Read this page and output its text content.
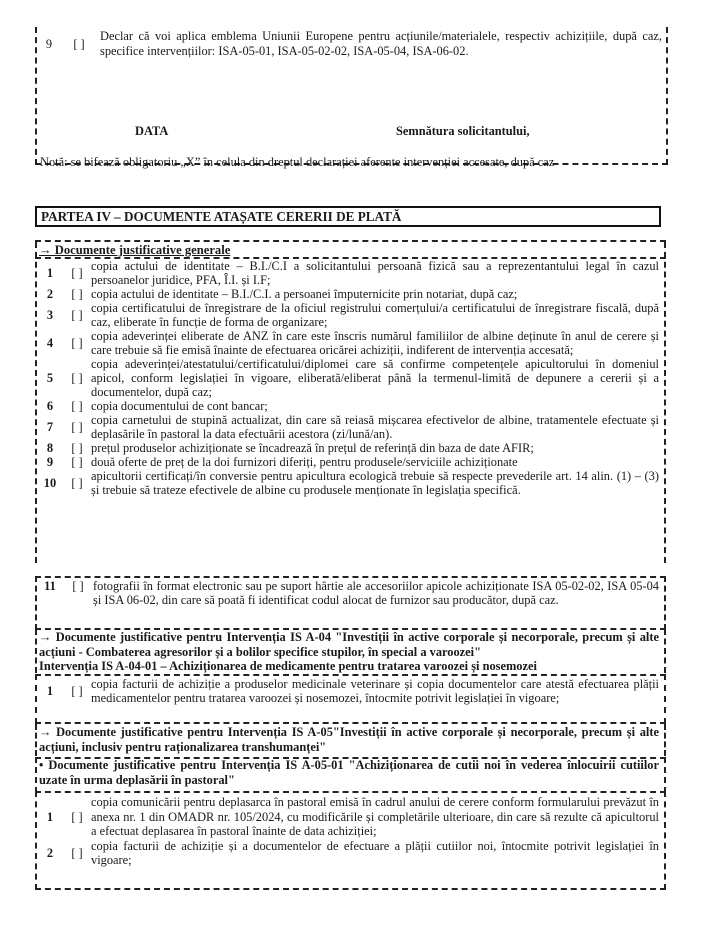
9	[ ]
Declar că voi aplica emblema Uniunii Europene pentru acțiunile/materialele, respectiv achizițiile, după caz, specifice intervențiilor: ISA-05-01, ISA-05-02-02, ISA-05-04, ISA-06-02.
DATA	Semnătura solicitantului,
Notă: se bifează obligatoriu „X” în celula din dreptul declarației aferente intervenției accesate, după caz
PARTEA IV – DOCUMENTE ATAȘATE CERERII DE PLATĂ
→ Documente justificative generale
1	[ ] copia actului de identitate – B.I./C.I a solicitantului persoană fizică sau a reprezentantului legal în cazul persoanelor juridice, PFA, Î.I. și I.F;
2	[ ] copia actului de identitate – B.I./C.I. a persoanei împuternicite prin notariat, după caz;
3	[ ] copia certificatului de înregistrare de la oficiul registrului comerțului/a certificatului de înregistrare fiscală, după caz, eliberate în funcție de forma de organizare;
4	[ ] copia adeverinței eliberate de ANZ în care este înscris numărul familiilor de albine deținute în anul de cerere și care trebuie să fie emisă înainte de efectuarea oricărei achiziții, indiferent de intervenția accesată;
5	[ ]
copia adeverinței/atestatului/certificatului/diplomei care să confirme competențele apicultorului în domeniul apicol, conform legislației în vigoare, eliberată/eliberat până la termenul-limită de depunere a cererii și a documentelor, după caz;
6	[ ] copia documentului de cont bancar;
7	[ ] copia carnetului de stupină actualizat, din care să reiasă mișcarea efectivelor de albine, tratamentele efectuate și deplasările în pastoral la data efectuării acestora (zi/lună/an).
8	[ ] prețul produselor achiziționate se încadrează în prețul de referință din baza de date AFIR;
9	[ ] două oferte de preț de la doi furnizori diferiți, pentru produsele/serviciile achiziționate
10	[ ] apicultorii certificați/în conversie pentru apicultura ecologică trebuie să respecte prevederile art. 14 alin. (1) – (3) și trebuie să trateze efectivele de albine cu produsele menționate în legislația specifică.
11	[ ] fotografii în format electronic sau pe suport hârtie ale accesoriilor apicole achiziționate ISA 05-02-02, ISA 05-04 și ISA 06-02, din care să poată fi identificat codul alocat de furnizor sau producător, după caz.
→ Documente justificative pentru Intervenția IS A-04 "Investiții în active corporale și necorporale, precum și alte acțiuni - Combaterea agresorilor și a bolilor specifice stupilor, în special a varoozei"
Intervenția IS A-04-01 – Achiziționarea de medicamente pentru tratarea varoozei și nosemozei
1	[ ] copia facturii de achiziție a produselor medicinale veterinare și copia documentelor care atestă efectuarea plății medicamentelor pentru tratarea varoozei și nosemozei, întocmite potrivit legislației în vigoare;
→ Documente justificative pentru Intervenția IS A-05"Investiții în active corporale și necorporale, precum și alte acțiuni, inclusiv pentru raționalizarea transhumanței"
• Documente justificative pentru Intervenția IS A-05-01 "Achiziționarea de cutii noi în vederea înlocuirii cutiilor uzate în urma deplasării în pastoral"
1	[ ]
copia comunicării pentru deplasarca în pastoral emisă în cadrul anului de cerere conform formularului prevăzut în anexa nr. 1 din OMADR nr. 105/2024, cu modificările și completările ulterioare, din care să rezulte că apicultorul a efectuat deplasarea în pastoral înainte de data achiziției;
2	[ ]
copia facturii de achiziție și a documentelor de efectuare a plății cutiilor noi, întocmite potrivit legislației în vigoare;
